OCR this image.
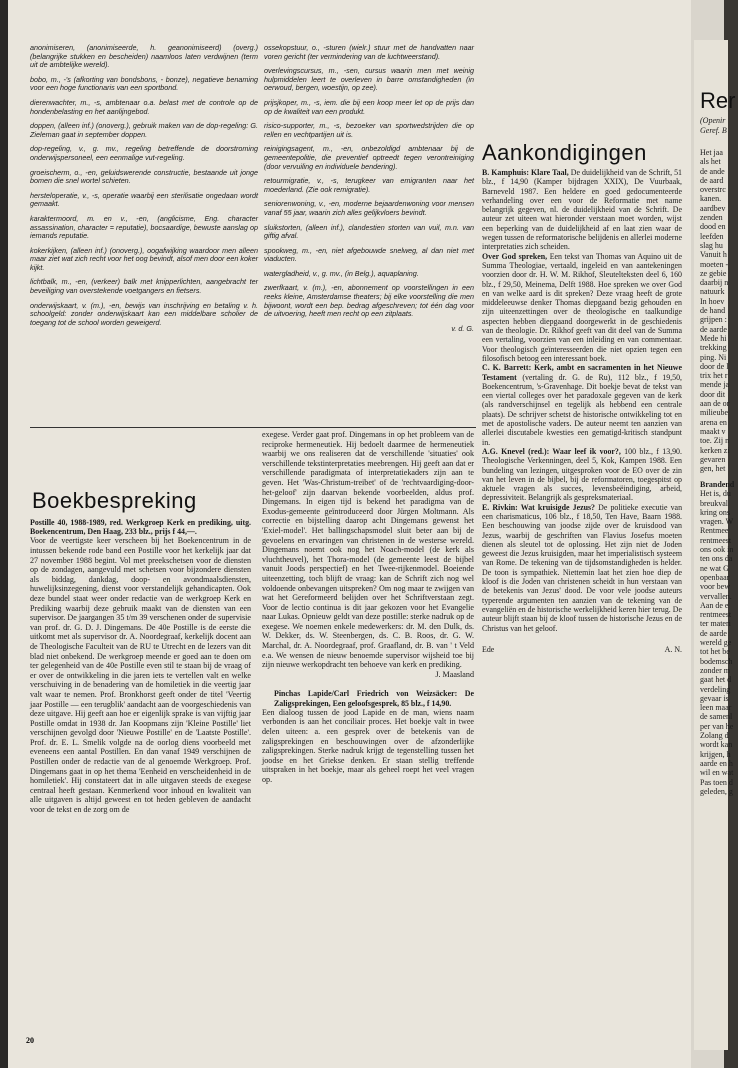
anonimiseren, (anonimiseerde, h. geanonimiseerd) (overg.) (belangrijke stukken en bescheiden) naamloos laten verdwijnen (term uit de ambtelijke wereld).

bobo, m., -'s (afkorting van bondsbons, - bonze), negatieve benaming voor een hoge functionaris van een sportbond.

dierenwachter, m., -s, ambtenaar o.a. belast met de controle op de hondenbelasting en het aanlijngebod.

doppen, (alleen inf.) (onoverg.), gebruik maken van de dop-regeling: G. Zieleman gaat in september doppen.

dop-regeling, v., g. mv., regeling betreffende de doorstroming onderwijspersoneel, een eenmalige vut-regeling.

groeischerm, o., -en, geluidswerende constructie, bestaande uit jonge bomen die snel wortel schieten.

hersteloperatie, v., -s, operatie waarbij een sterilisatie ongedaan wordt gemaakt.

karaktermoord, m. en v., -en, (anglicisme, Eng. character assassination, character = reputatie), bocsaardige, bewuste aanslag op iemands reputatie.

kokerkijken, (alleen inf.) (onoverg.), oogafwijking waardoor men alleen maar ziet wat zich recht voor het oog bevindt, alsof men door een koker kijkt.

lichtbalk, m., -en, (verkeer) balk met knipperlichten, aangebracht ter beveiliging van overstekende voetgangers en fietsers.

onderwijskaart, v. (m.), -en, bewijs van inschrijving en betaling v. h. schoolgeld: zonder onderwijskaart kan een middelbare scholier de toegang tot de school worden geweigerd.

ossekopstuur, o., -sturen (wielr.) stuur met de handvatten naar voren gericht (ter vermindering van de luchtweerstand).

overlevingscursus, m., -sen, cursus waarin men met weinig hulpmiddelen leert te overleven in barre omstandigheden (in oerwoud, bergen, woestijn, op zee).

prijsjkoper, m., -s, iem. die bij een koop meer let op de prijs dan op de kwaliteit van een produkt.

risico-supporter, m., -s, bezoeker van sportwedstrijden die op rellen en vechtpartijen uit is.

reinigingsagent, m., -en, onbezoldigd ambtenaar bij de gemeentepolitie, die preventief optreedt tegen verontreiniging (door vervuiling en individuele bendering).

retourmigratie, v., -s, terugkeer van emigranten naar het moederland. (Zie ook remigratie).

seniorenwoning, v., -en, moderne bejaardenwoning voor mensen vanaf 55 jaar, waarin zich alles gelijkvloers bevindt.

sluikstorten, (alleen inf.), clandestien storten van vuil, m.n. van giftig afval.

spookweg, m., -en, niet afgebouwde snelweg, al dan niet met viaducten.

watergladheid, v., g. mv., (in Belg.), aquaplaning.

zwerfkaart, v. (m.), -en, abonnement op voorstellingen in een reeks kleine, Amsterdamse theaters; bij elke voorstelling die men bijwoont, wordt een bep. bedrag afgeschreven; tot één dag voor de uitvoering, heeft men recht op een zitplaats.

v. d. G.
Boekbespreking

Postille 40, 1988-1989, red. Werkgroep Kerk en prediking, uitg. Boekencentrum, Den Haag, 233 blz., prijs f 44,—.

Voor de veertigste keer verscheen bij het Boekencentrum in de intussen bekende rode band een Postille voor het kerkelijk jaar dat 27 november 1988 begint. Vol met preekschetsen voor de diensten op de zondagen, aangevuld met schetsen voor bijzondere diensten als biddag, dankdag, doop- en avondmaalsdiensten, huwelijksinzegening, dienst voor verstandelijk gehandicapten. Ook deze bundel staat weer onder redactie van de werkgroep Kerk en Prediking waarbij deze gebruik maakt van de diensten van een supervisor. De jaargangen 35 t/m 39 verschenen onder de supervisie van prof. dr. G. D. J. Dingemans. De 40e Postille is de eerste die uitkomt met als supervisor dr. A. Noordegraaf, kerkelijk docent aan de Theologische Faculteit van de RU te Utrecht en de lezers van dit blad niet onbekend. De werkgroep meende er goed aan te doen om ter gelegenheid van de 40e Postille even stil te staan bij de vraag of er over de ontwikkeling in die jaren iets te vertellen valt en welke verschuiving in de benadering van de homiletiek in die veertig jaar valt waar te nemen. Prof. Bronkhorst geeft onder de titel 'Veertig jaar Postille — een terugblik' aandacht aan de voorgeschiedenis van deze uitgave. Hij geeft aan hoe er eigenlijk sprake is van vijftig jaar Postille omdat in 1938 dr. Jan Koopmans zijn 'Kleine Postille' liet verschijnen gevolgd door 'Nieuwe Postille' en de 'Laatste Postille'. Prof. dr. E. L. Smelik volgde na de oorlog diens voorbeeld met eveneens een aantal Postillen. En dan vanaf 1949 verschijnen de Postillen onder de redactie van de al genoemde Werkgroep. Prof. Dingemans gaat in op het thema 'Eenheid en verscheidenheid in de homiletiek'. Hij constateert dat in alle uitgaven steeds de exegese centraal heeft gestaan. Kenmerkend voor inhoud en kwaliteit van alle uitgaven is altijd geweest en tot heden gebleven de aandacht voor de tekst en de zorg om de

exegese. Verder gaat prof. Dingemans in op het probleem van de reciproke hermeneutiek. Hij bedoelt daarmee de hermeneutiek waarbij we ons realiseren dat de verschillende 'situaties' ook verschillende tekstinterpretaties meebrengen. Hij geeft aan dat er verschillende paradigmata of interpretatiekaders zijn aan te geven. Het 'Was-Christum-treibet' of de 'rechtvaardiging-door-het-geloof' zijn daarvan bekende voorbeelden, aldus prof. Dingemans. In eigen tijd is bekend het paradigma van de Exodus-gemeente geïntroduceerd door Jürgen Moltmann. Als correctie en bijstelling daarop acht Dingemans gewenst het 'Exiel-model'. Het ballingschapsmodel sluit beter aan bij de gevoelens en ervaringen van christenen in de westerse wereld. Dingemans noemt ook nog het Noach-model (de kerk als vluchtheuvel), het Thora-model (de gemeente leest de bijbel vanuit Joods perspectief) en het Twee-rijkenmodel. Boeiende uiteenzetting, toch blijft de vraag: kan de Schrift zich nog wel voldoende onbevangen uitspreken? Om nog maar te zwijgen van wat het Gereformeerd belijden over het Schriftverstaan zegt. Voor de lectio continua is dit jaar gekozen voor het Evangelie naar Lukas. Opnieuw geldt van deze postille: sterke nadruk op de exegese. We noemen enkele medewerkers: dr. M. den Dulk, ds. W. Dekker, ds. W. Steenbergen, ds. C. B. Roos, dr. G. W. Marchal, dr. A. Noordegraaf, prof. Graafland, dr. B. van ' t Veld e.a. We wensen de nieuw benoemde supervisor wijsheid toe bij zijn nieuwe werkopdracht ten behoeve van kerk en prediking.

J. Maasland

Pinchas Lapide/Carl Friedrich von Weizsäcker: De Zaligsprekingen, Een geloofsgesprek, 85 blz., f 14,90.

Een dialoog tussen de jood Lapide en de man, wiens naam verbonden is aan het conciliair proces. Het boekje valt in twee delen uiteen: a. een gesprek over de betekenis van de zaligsprekingen en beschouwingen over de afzonderlijke zaligsprekingen. Sterke nadruk krijgt de tegenstelling tussen het joodse en het Griekse denken. Er staan stellig treffende uitspraken in het boekje, maar als geheel roept het veel vragen op.

Aankondigingen

B. Kamphuis: Klare Taal, De duidelijkheid van de Schrift, 51 blz., f 14,90 (Kamper bijdragen XXIX), De Vuurbaak, Barneveld 1987. Een heldere en goed gedocumenteerde verhandeling over een voor de Reformatie met name belangrijk gegeven, nl. de duidelijkheid van de Schrift. De auteur zet uiteen wat hieronder verstaan moet worden, wijst een beperking van de duidelijkheid af en laat zien waar de wegen tussen de reformatorische belijdenis en allerlei moderne interpretaties zich scheiden.

Over God spreken, Een tekst van Thomas van Aquino uit de Summa Theologiae, vertaald, ingeleid en van aantekeningen voorzien door dr. H. W. M. Rikhof, Sleutelteksten deel 6, 160 blz., f 29,50, Meinema, Delft 1988. Hoe spreken we over God en van welke aard is dit spreken? Deze vraag heeft de grote middeleeuwse denker Thomas diepgaand bezig gehouden en zijn uiteenzettingen over de theologische en taalkundige aspecten hebben diepgaand doorgewerkt in de geschiedenis van de theologie. Dr. Rikhof geeft van dit deel van de Summa een vertaling, voorzien van een inleiding en van commentaar. Voor theologisch geïnteresseerden die niet opzien tegen een filosofisch betoog een interessant boek.

C. K. Barrett: Kerk, ambt en sacramenten in het Nieuwe Testament (vertaling dr. G. de Ru), 112 blz., f 19,50, Boekencentrum, 's-Gravenhage. Dit boekje bevat de tekst van een viertal colleges over het paradoxale gegeven van de kerk (als randverschijnsel en tegelijk als hebbend een centrale plaats). De schrijver schetst de historische ontwikkeling tot en met de apostolische vaders. De auteur neemt ten aanzien van allerlei discutabele kwesties een gematigd-kritisch standpunt in.

A.G. Knevel (red.): Waar leef ik voor?, 100 blz., f 13,90. Theologische Verkenningen, deel 5, Kok, Kampen 1988. Een bundeling van lezingen, uitgesproken voor de EO over de zin van het leven in de bijbel, bij de reformatoren, toegespitst op aktuele vragen als succes, levensbeëindiging, arbeid, depressiviteit. Belangrijk als gespreksmateriaal.

E. Rivkin: Wat kruisigde Jezus? De politieke executie van een charismaticus, 106 blz., f 18,50, Ten Have, Baarn 1988. Een beschouwing van joodse zijde over de kruisdood van Jezus, waarbij de geschriften van Flavius Josefus moeten dienen als sleutel tot de oplossing. Het zijn niet de Joden geweest die Jezus kruisigden, maar het imperialistisch systeem van Rome. De tekening van de tijdsomstandigheden is helder. De toon is sympathiek. Niettemin laat het zien hoe diep de kloof is die Joden van christenen scheidt in hun verstaan van de betekenis van Jezus' dood. De voor vele joodse auteurs typerende argumenten ten aanzien van de tekening van de evangeliën en de historische werkelijkheid keren hier terug. De auteur blijft staan bij de kloof tussen de historische Jezus en de Christus van het geloof.

Ede	A. N.
20
Rer
(Openir
Geref. B
Het jaa
als het
de ande
de aard
overstrc
kanen.
aardbev
zenden
dood en
leefden
slag hu
Vanuit h
moeten -
ze gebie
daarbij n
natuurk
In hoev
de hand
grijpen :
de aarde
Mede hi
trekking
ping. Ni
door de l
trix het r
mende ja
door dit
aan de or
milieube
arena en
maakt v
toe. Zij n
kerken zi
gevaren
gen, het
Brandend
Het is, du
breukval
kring ons
vragen. W
Rentmee
rentmeest
ons ook in
ten ons da
ne wat G
openbaar
voor bew
vervallen.
Aan de e
rentmeest
ter materi
de aarde
wereld ge
tot het be
bodemsch
zonder m
gaat het d
verdeling
gevaar is
leen maar
de samenl
per van he
Zolang d
wordt kan
krijgen, h
aarde en h
wil en wat
Pas toen d
geleden, g
